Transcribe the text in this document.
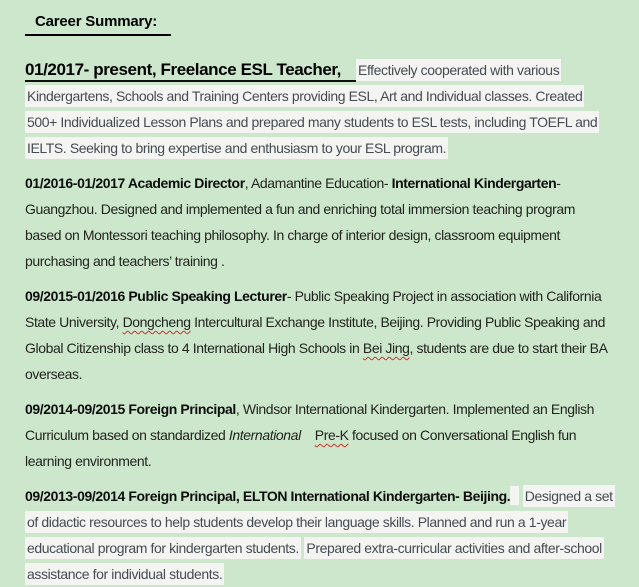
Career Summary:

01/2017- present, Freelance ESL Teacher, Effectively cooperated with various Kindergartens, Schools and Training Centers providing ESL, Art and Individual classes. Created 500+ Individualized Lesson Plans and prepared many students to ESL tests, including TOEFL and IELTS. Seeking to bring expertise and enthusiasm to your ESL program.

01/2016-01/2017 Academic Director, Adamantine Education- International Kindergarten- Guangzhou. Designed and implemented a fun and enriching total immersion teaching program based on Montessori teaching philosophy. In charge of interior design, classroom equipment purchasing and teachers’ training .

09/2015-01/2016 Public Speaking Lecturer- Public Speaking Project in association with California State University, Dongcheng Intercultural Exchange Institute, Beijing. Providing Public Speaking and Global Citizenship class to 4 International High Schools in Bei Jing, students are due to start their BA overseas.

09/2014-09/2015 Foreign Principal, Windsor International Kindergarten. Implemented an English Curriculum based on standardized International Pre-K focused on Conversational English fun learning environment.

09/2013-09/2014 Foreign Principal, ELTON International Kindergarten- Beijing. Designed a set of didactic resources to help students develop their language skills. Planned and run a 1-year educational program for kindergarten students. Prepared extra-curricular activities and after-school assistance for individual students.
